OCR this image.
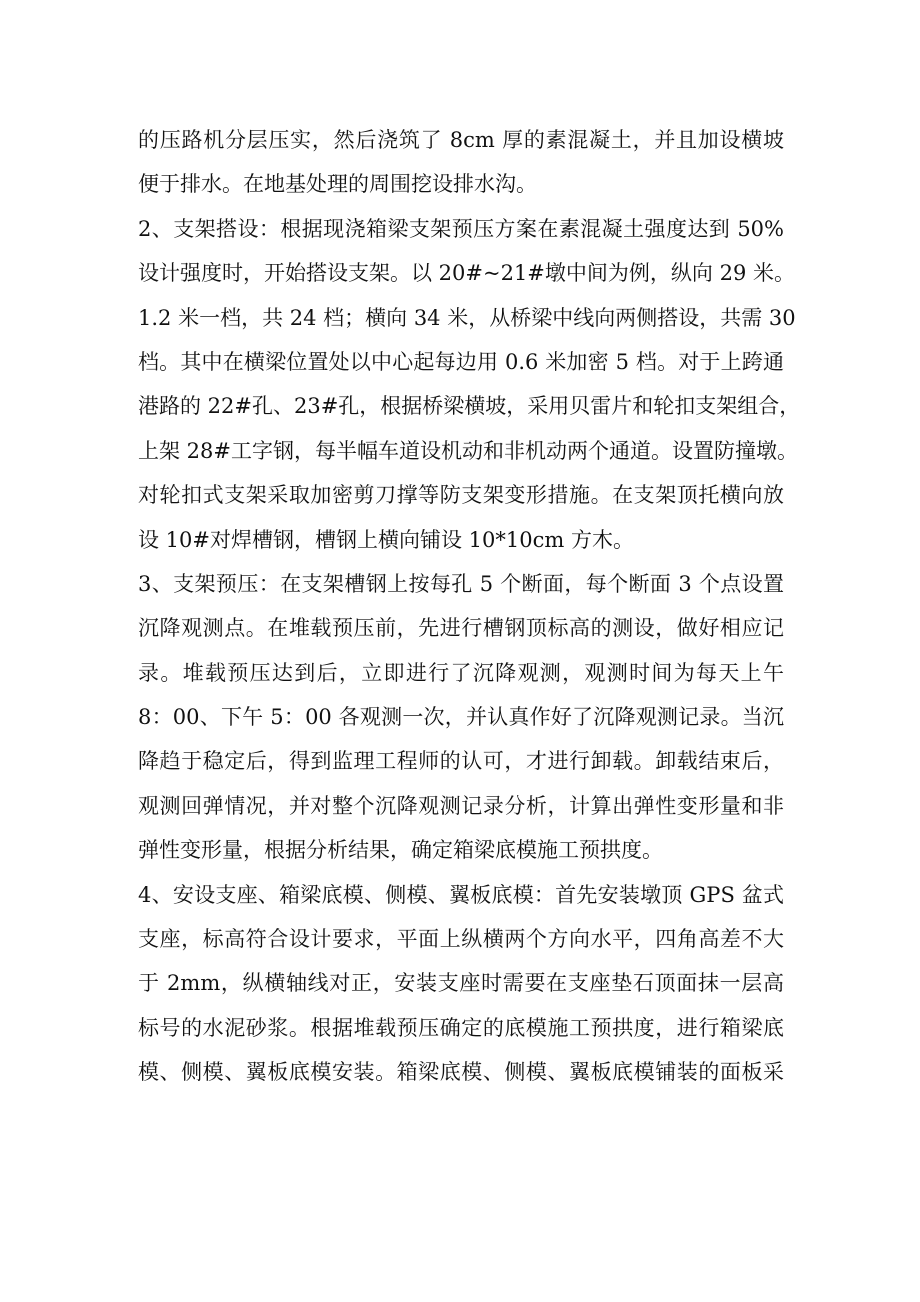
的压路机分层压实，然后浇筑了 8cm 厚的素混凝土，并且加设横坡
便于排水。在地基处理的周围挖设排水沟。
2、支架搭设：根据现浇箱梁支架预压方案在素混凝土强度达到 50%
设计强度时，开始搭设支架。以 20#~21#墩中间为例，纵向 29 米。
1.2 米一档，共 24 档；横向 34 米，从桥梁中线向两侧搭设，共需 30
档。其中在横梁位置处以中心起每边用 0.6 米加密 5 档。对于上跨通
港路的 22#孔、23#孔，根据桥梁横坡，采用贝雷片和轮扣支架组合，
上架 28#工字钢，每半幅车道设机动和非机动两个通道。设置防撞墩。
对轮扣式支架采取加密剪刀撑等防支架变形措施。在支架顶托横向放
设 10#对焊槽钢，槽钢上横向铺设 10*10cm 方木。
3、支架预压：在支架槽钢上按每孔 5 个断面，每个断面 3 个点设置
沉降观测点。在堆载预压前，先进行槽钢顶标高的测设，做好相应记
录。堆载预压达到后，立即进行了沉降观测，观测时间为每天上午
8：00、下午 5：00 各观测一次，并认真作好了沉降观测记录。当沉
降趋于稳定后，得到监理工程师的认可，才进行卸载。卸载结束后，
观测回弹情况，并对整个沉降观测记录分析，计算出弹性变形量和非
弹性变形量，根据分析结果，确定箱梁底模施工预拱度。
4、安设支座、箱梁底模、侧模、翼板底模：首先安装墩顶 GPS 盆式
支座，标高符合设计要求，平面上纵横两个方向水平，四角高差不大
于 2mm，纵横轴线对正，安装支座时需要在支座垫石顶面抹一层高
标号的水泥砂浆。根据堆载预压确定的底模施工预拱度，进行箱梁底
模、侧模、翼板底模安装。箱梁底模、侧模、翼板底模铺装的面板采
